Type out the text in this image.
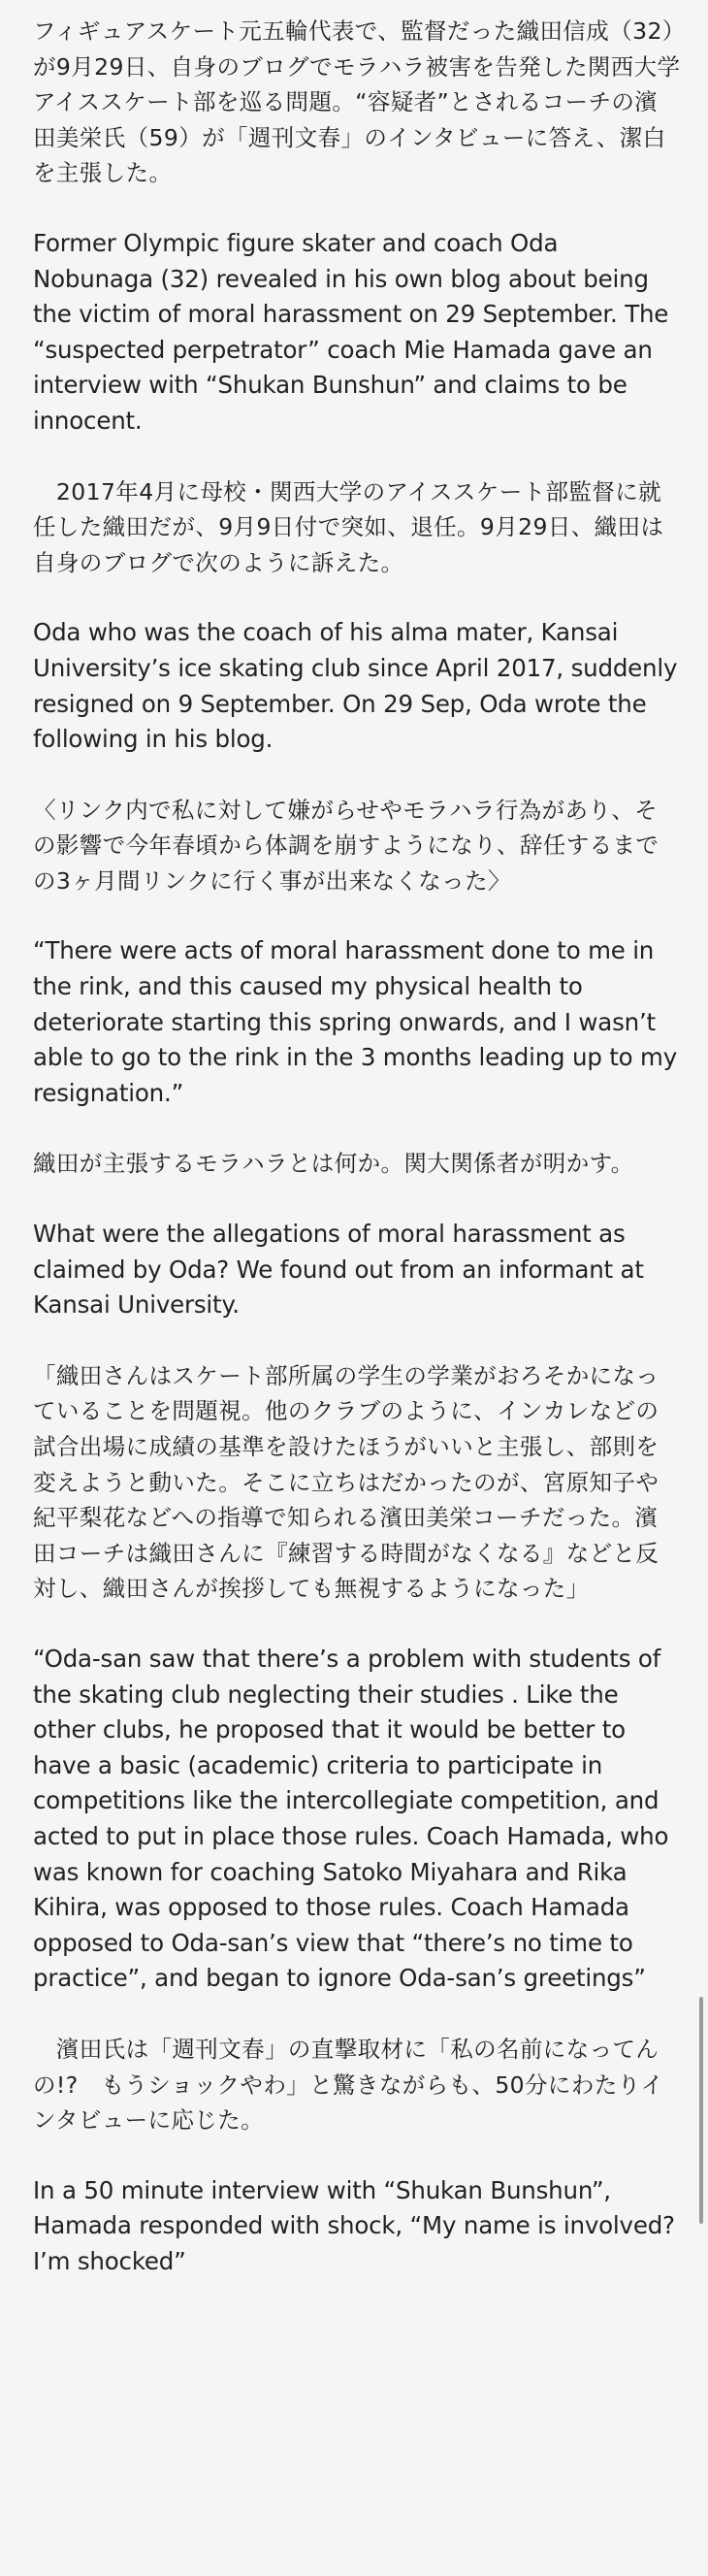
フィギュアスケート元五輪代表で、監督だった織田信成（32）が9月29日、自身のブログでモラハラ被害を告発した関西大学アイススケート部を巡る問題。“容疑者”とされるコーチの濱田美栄氏（59）が「週刊文春」のインタビューに答え、潔白を主張した。

Former Olympic figure skater and coach Oda Nobunaga (32) revealed in his own blog about being the victim of moral harassment on 29 September. The “suspected perpetrator” coach Mie Hamada gave an interview with “Shukan Bunshun” and claims to be innocent.

　2017年4月に母校・関西大学のアイススケート部監督に就任した織田だが、9月9日付で突如、退任。9月29日、織田は自身のブログで次のように訴えた。

Oda who was the coach of his alma mater, Kansai University’s ice skating club since April 2017, suddenly resigned on 9 September. On 29 Sep, Oda wrote the following in his blog.

〈リンク内で私に対して嫌がらせやモラハラ行為があり、その影響で今年春頃から体調を崩すようになり、辞任するまでの3ヶ月間リンクに行く事が出来なくなった〉

“There were acts of moral harassment done to me in the rink, and this caused my physical health to deteriorate starting this spring onwards, and I wasn’t able to go to the rink in the 3 months leading up to my resignation.”

織田が主張するモラハラとは何か。関大関係者が明かす。

What were the allegations of moral harassment as claimed by Oda? We found out from an informant at Kansai University.

「織田さんはスケート部所属の学生の学業がおろそかになっていることを問題視。他のクラブのように、インカレなどの試合出場に成績の基準を設けたほうがいいと主張し、部則を変えようと動いた。そこに立ちはだかったのが、宮原知子や紀平梨花などへの指導で知られる濱田美栄コーチだった。濱田コーチは織田さんに『練習する時間がなくなる』などと反対し、織田さんが挨拶しても無視するようになった」

“Oda-san saw that there’s a problem with students of the skating club neglecting their studies . Like the other clubs, he proposed that it would be better to have a basic (academic) criteria to participate in competitions like the intercollegiate competition, and acted to put in place those rules. Coach Hamada, who was known for coaching Satoko Miyahara and Rika Kihira, was opposed to those rules. Coach Hamada opposed to Oda-san’s view that “there’s no time to practice”, and began to ignore Oda-san’s greetings”

　濱田氏は「週刊文春」の直撃取材に「私の名前になってんの!?　もうショックやわ」と驚きながらも、50分にわたりインタビューに応じた。

In a 50 minute interview with “Shukan Bunshun”, Hamada responded with shock, “My name is involved? I’m shocked”
